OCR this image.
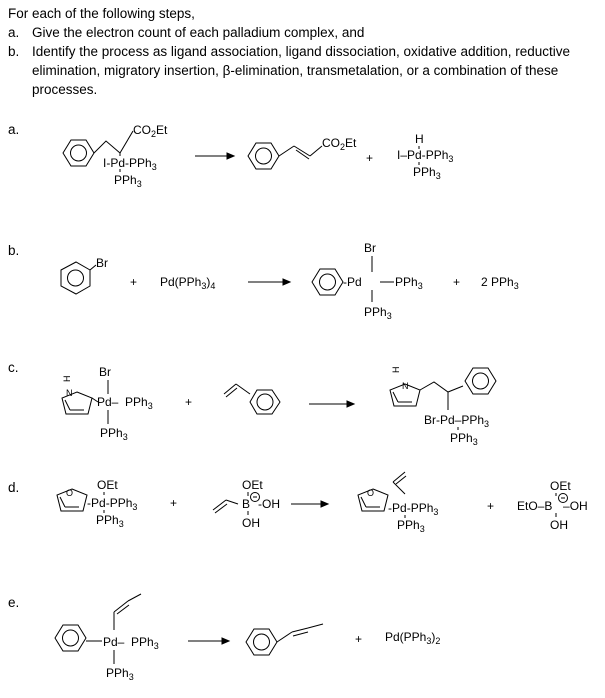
For each of the following steps,
a. Give the electron count of each palladium complex, and
b. Identify the process as ligand association, ligand dissociation, oxidative addition, reductive elimination, migratory insertion, β-elimination, transmetalation, or a combination of these processes.
a.
b.
c.
d.
e.
$CO_2Et$
I-Pd-PPh$_3$
PPh$_3$
$CO_2Et$
+
H
I–Pd-PPh$_3$
PPh$_3$
Br
+ $Pd(PPh_3)_4$
Br
-Pd	PPh$_3$
PPh$_3$
+ 2 PPh$_3$
H
N
Br
Pd– PPh$_3$
PPh$_3$
+
H
N
Br-Pd–PPh$_3$
PPh$_3$
O
OEt
-Pd-PPh$_3$
PPh$_3$
+
OEt
B -OH
OH
O
-Pd-PPh$_3$
PPh$_3$
+
OEt
EtO–B –OH
OH
Pd– PPh$_3$
PPh$_3$
+ $Pd(PPh_3)_2$
